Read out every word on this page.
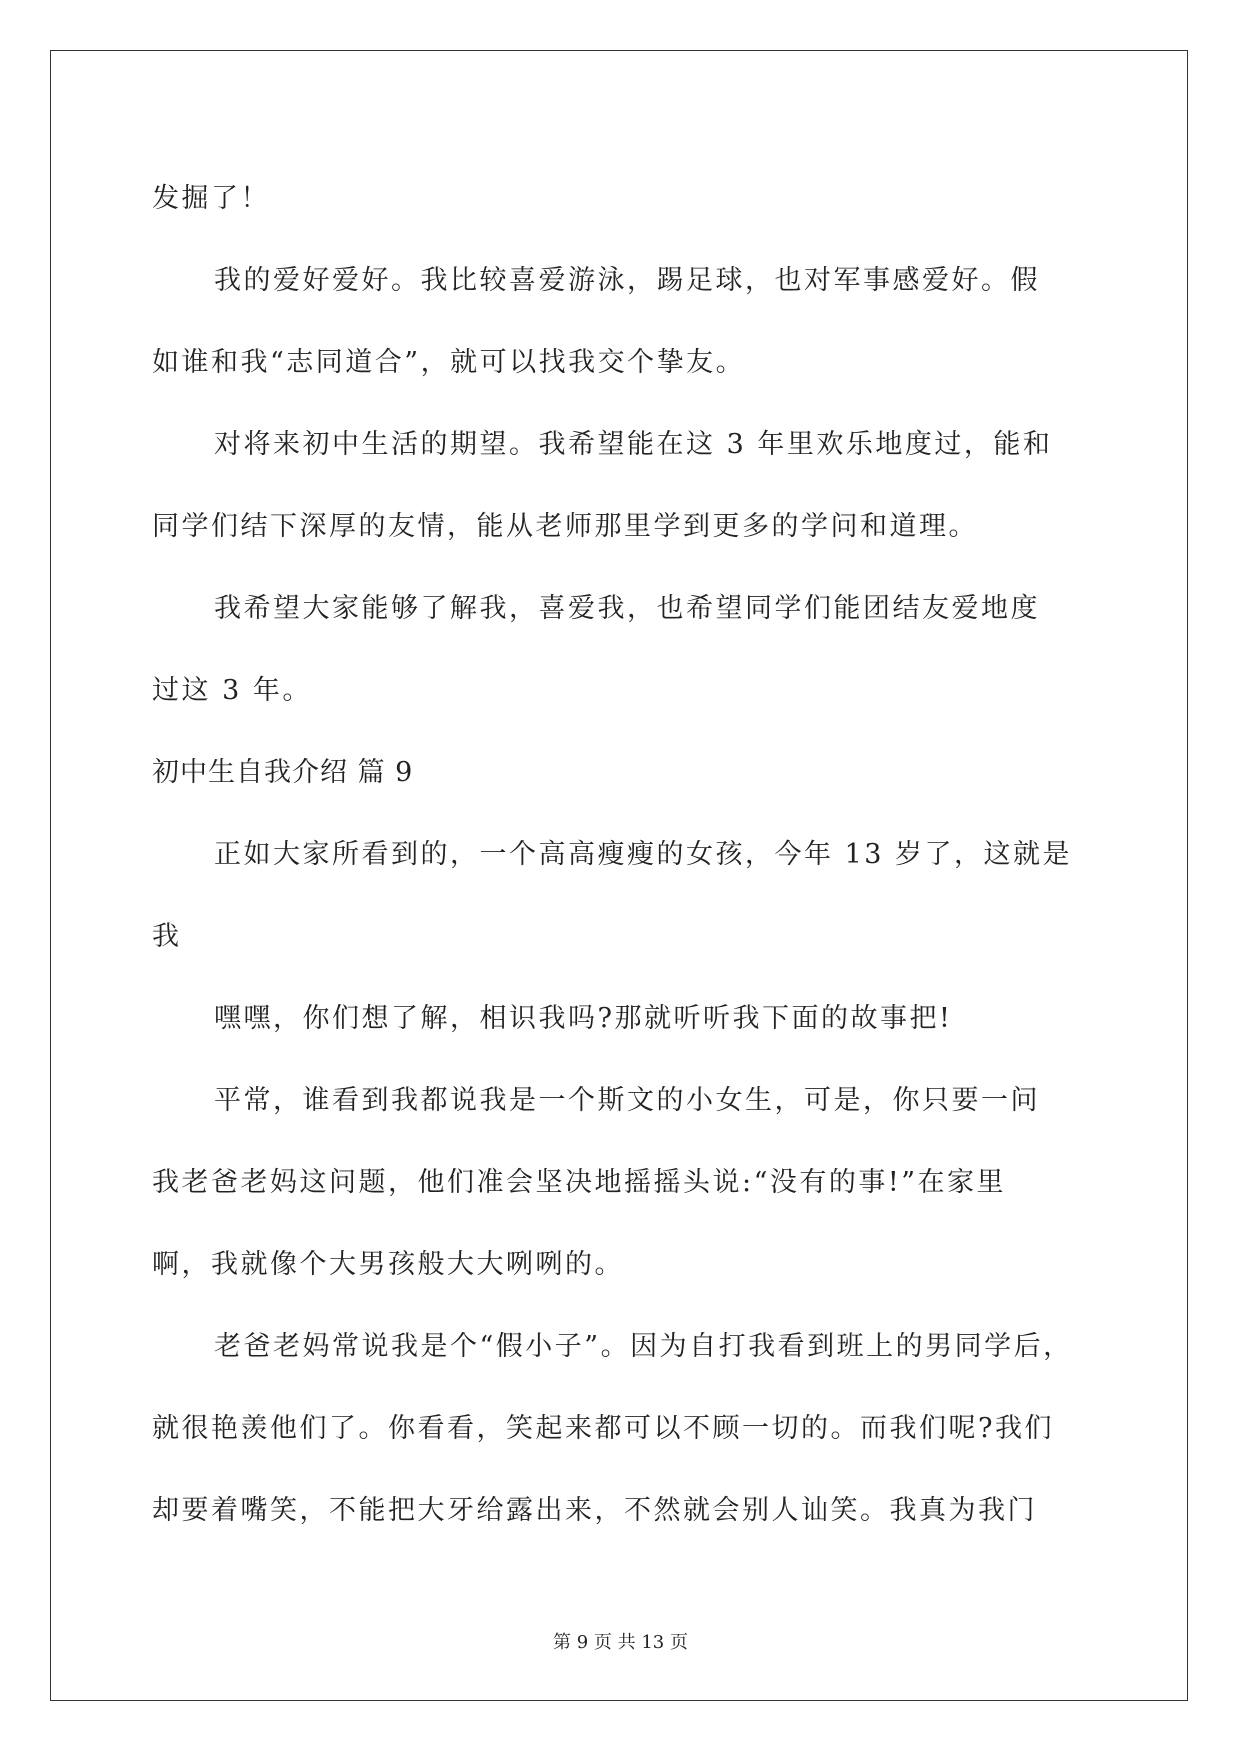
发掘了！
我的爱好爱好。我比较喜爱游泳，踢足球，也对军事感爱好。假
如谁和我“志同道合”，就可以找我交个挚友。
对将来初中生活的期望。我希望能在这 3 年里欢乐地度过，能和
同学们结下深厚的友情，能从老师那里学到更多的学问和道理。
我希望大家能够了解我，喜爱我，也希望同学们能团结友爱地度
过这 3 年。
初中生自我介绍 篇 9
正如大家所看到的，一个高高瘦瘦的女孩，今年 13 岁了，这就是
我
嘿嘿，你们想了解，相识我吗?那就听听我下面的故事把!
平常，谁看到我都说我是一个斯文的小女生，可是，你只要一问
我老爸老妈这问题，他们准会坚决地摇摇头说:“没有的事!”在家里
啊，我就像个大男孩般大大咧咧的。
老爸老妈常说我是个“假小子”。因为自打我看到班上的男同学后，
就很艳羡他们了。你看看，笑起来都可以不顾一切的。而我们呢?我们
却要着嘴笑，不能把大牙给露出来，不然就会别人讪笑。我真为我门
第 9 页 共 13 页
